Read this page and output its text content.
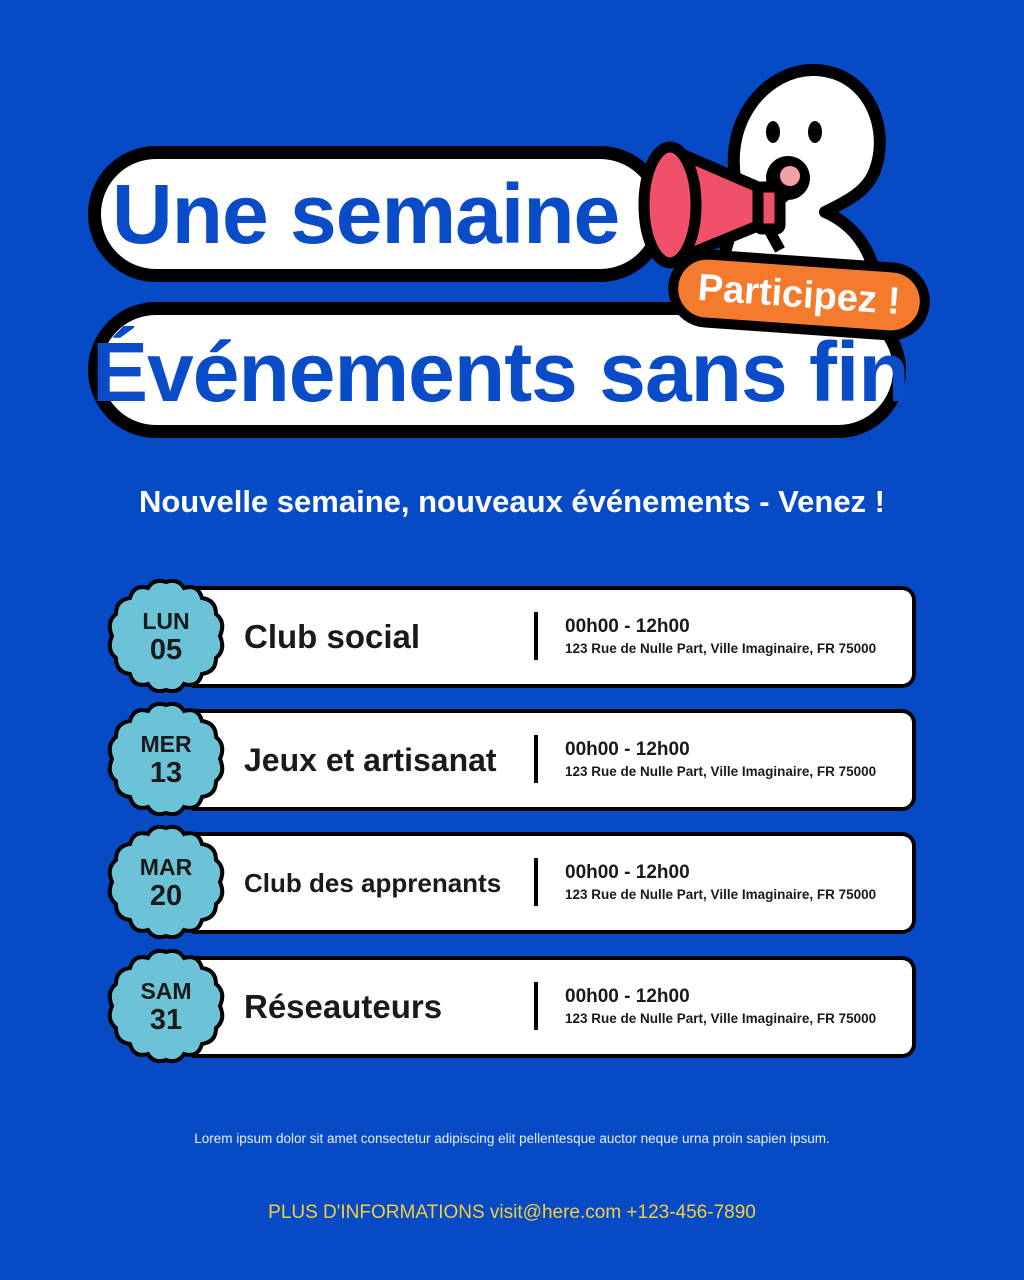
Une semaine
Événements sans fin
Participez !
Nouvelle semaine, nouveaux événements - Venez !
LUN
05	Club social	00h00 - 12h00
123 Rue de Nulle Part, Ville Imaginaire, FR 75000
MER
13	Jeux et artisanat	00h00 - 12h00
123 Rue de Nulle Part, Ville Imaginaire, FR 75000
MAR
20	Club des apprenants	00h00 - 12h00
123 Rue de Nulle Part, Ville Imaginaire, FR 75000
SAM
31	Réseauteurs	00h00 - 12h00
123 Rue de Nulle Part, Ville Imaginaire, FR 75000
Lorem ipsum dolor sit amet consectetur adipiscing elit pellentesque auctor neque urna proin sapien ipsum.
PLUS D'INFORMATIONS visit@here.com +123-456-7890
